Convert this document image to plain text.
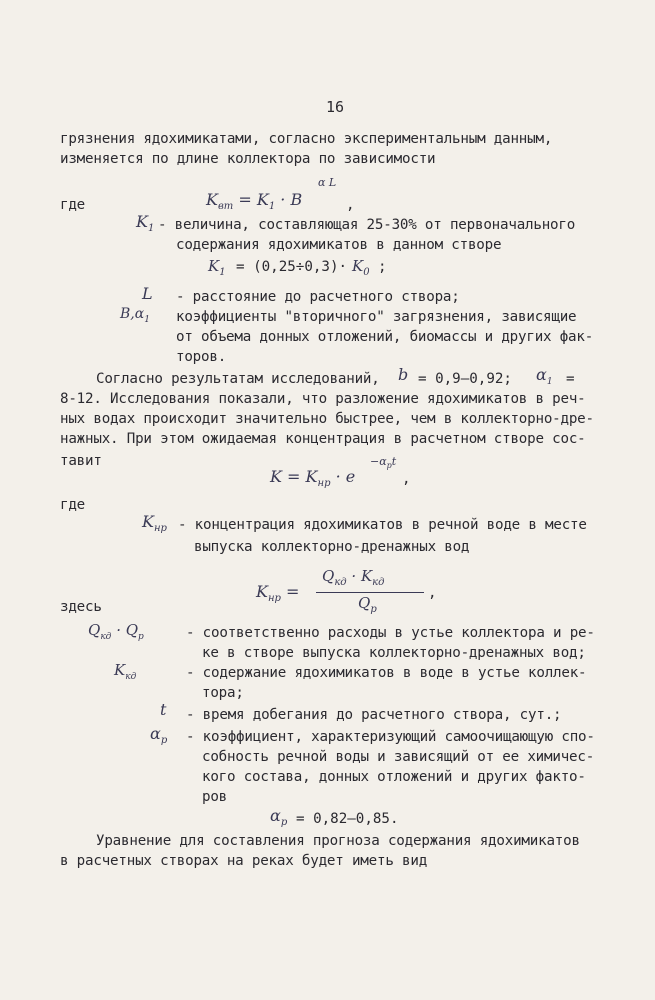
16
грязнения ядохимикатами, согласно экспериментальным данным,
изменяется по длине коллектора по зависимости
где
- величина, составляющая 25-30% от первоначального
содержания ядохимикатов в данном створе
- расстояние до расчетного створа;
коэффициенты "вторичного" загрязнения, зависящие
от объема донных отложений, биомассы и других фак-
торов.
Согласно результатам исследований,
8-12. Исследования показали, что разложение ядохимикатов в реч-
ных водах происходит значительно быстрее, чем в коллекторно-дре-
нажных. При этом ожидаемая концентрация в расчетном створе сос-
тавит
где
- концентрация ядохимикатов в речной воде в месте
выпуска коллекторно-дренажных вод
здесь
- соответственно расходы в устье коллектора и ре-
ке в створе выпуска коллекторно-дренажных вод;
- содержание ядохимикатов в воде в устье коллек-
тора;
- время добегания до расчетного створа, сут.;
- коэффициент, характеризующий самоочищающую спо-
собность речной воды и зависящий от ее химичес-
кого состава, донных отложений и других факто-
ров
Уравнение для составления прогноза содержания ядохимикатов
в расчетных створах на реках будет иметь вид
$K_{вт} = K_1 \cdot B$
α L
,
$K_1$
$K_1 = (0,25\div 0,3)\cdot K_0$ ;
L
$B,\alpha_1$
b = 0,9–0,92; $\alpha_1$ =
$K = K_{нр} \cdot e$
$-\alpha_pt$
,
$K_{нр}$
$K_{нр}$ =
$Q_{кд} \cdot K_{кд}$
$Q_р$
,
$Q_{кд} \cdot Q_р$
$K_{кд}$
t
$\alpha_р$
$\alpha_р = 0,82-0,85$.
